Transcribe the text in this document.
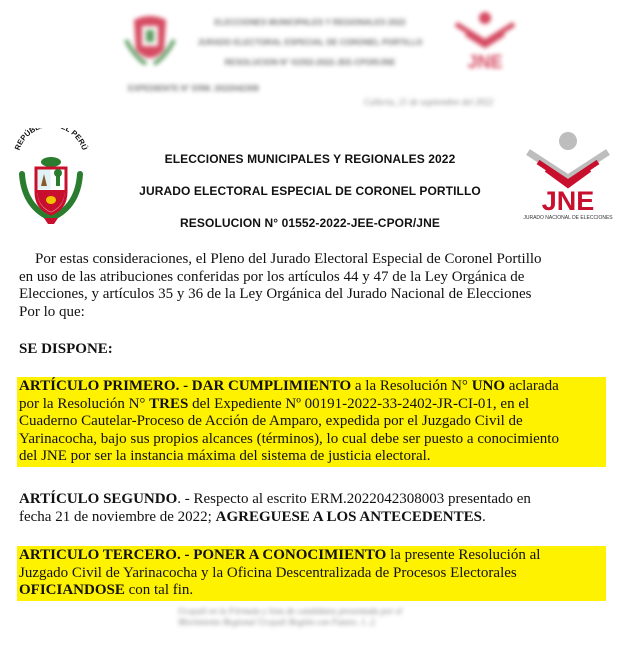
ELECCIONES MUNICIPALES Y REGIONALES 2022
JURADO ELECTORAL ESPECIAL DE CORONEL PORTILLO
RESOLUCION N° 01552-2022-JEE-CPOR/JNE	JNE
EXPEDIENTE N° ERM. 2022042308
Callería, 21 de septiembre del 2022
REPÚB L PERÚ
ELECCIONES MUNICIPALES Y REGIONALES 2022
JURADO ELECTORAL ESPECIAL DE CORONEL PORTILLO
RESOLUCION N° 01552-2022-JEE-CPOR/JNE
JNE
JURADO NACIONAL DE ELECCIONES

Por estas consideraciones, el Pleno del Jurado Electoral Especial de Coronel Portillo

en uso de las atribuciones conferidas por los artículos 44 y 47 de la Ley Orgánica de

Elecciones, y artículos 35 y 36 de la Ley Orgánica del Jurado Nacional de Elecciones

Por lo que:

SE DISPONE:

ARTÍCULO PRIMERO. - DAR CUMPLIMIENTO a la Resolución N° UNO aclarada

por la Resolución N° TRES del Expediente Nº 00191-2022-33-2402-JR-CI-01, en el

Cuaderno Cautelar-Proceso de Acción de Amparo, expedida por el Juzgado Civil de

Yarinacocha, bajo sus propios alcances (términos), lo cual debe ser puesto a conocimiento

del JNE por ser la instancia máxima del sistema de justicia electoral.

ARTÍCULO SEGUNDO. - Respecto al escrito ERM.2022042308003 presentado en

fecha 21 de noviembre de 2022; AGREGUESE A LOS ANTECEDENTES.

ARTICULO TERCERO. - PONER A CONOCIMIENTO la presente Resolución al

Juzgado Civil de Yarinacocha y la Oficina Descentralizada de Procesos Electorales

OFICIANDOSE con tal fin.

Ucayali en la Fórmula y lista de candidatos presentada por el
Movimiento Regional Ucayali Región con Futuro. 1. 2.
